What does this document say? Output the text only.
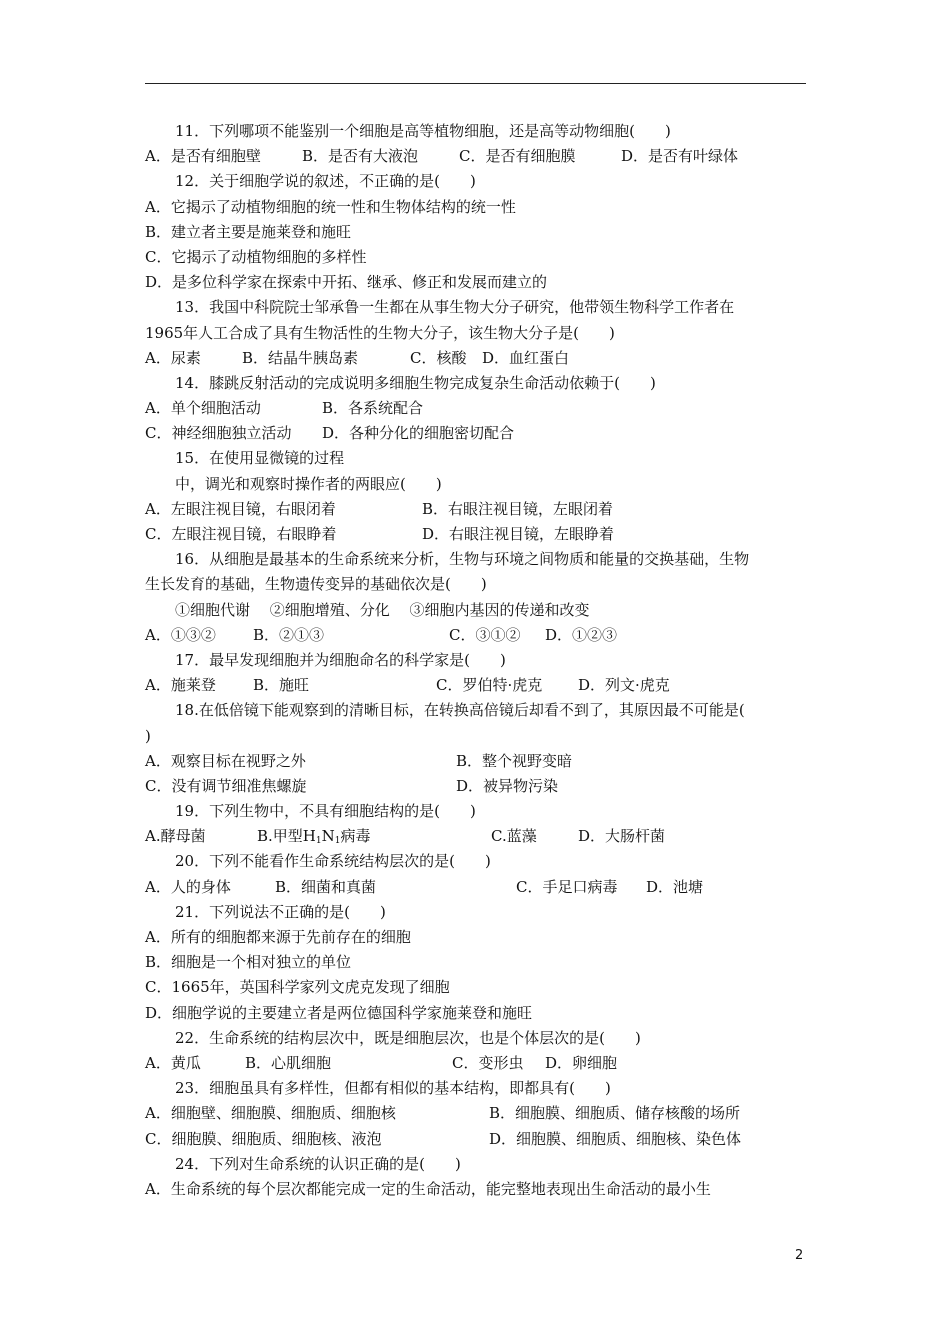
11．下列哪项不能鉴别一个细胞是高等植物细胞，还是高等动物细胞(　　)
A．是否有细胞壁	B．是否有大液泡	C．是否有细胞膜	D．是否有叶绿体
12．关于细胞学说的叙述，不正确的是(　　)
A．它揭示了动植物细胞的统一性和生物体结构的统一性
B．建立者主要是施莱登和施旺
C．它揭示了动植物细胞的多样性
D．是多位科学家在探索中开拓、继承、修正和发展而建立的
13．我国中科院院士邹承鲁一生都在从事生物大分子研究，他带领生物科学工作者在
1965年人工合成了具有生物活性的生物大分子，该生物大分子是(　　)
A．尿素	B．结晶牛胰岛素	C．核酸	D．血红蛋白
14．膝跳反射活动的完成说明多细胞生物完成复杂生命活动依赖于(　　)
A．单个细胞活动	B．各系统配合
C．神经细胞独立活动	D．各种分化的细胞密切配合
15．在使用显微镜的过程
中，调光和观察时操作者的两眼应(　　)
A．左眼注视目镜，右眼闭着	B．右眼注视目镜，左眼闭着
C．左眼注视目镜，右眼睁着	D．右眼注视目镜，左眼睁着
16．从细胞是最基本的生命系统来分析，生物与环境之间物质和能量的交换基础，生物
生长发育的基础，生物遗传变异的基础依次是(　　)
①细胞代谢　 ②细胞增殖、分化　 ③细胞内基因的传递和改变
A．①③②	B．②①③	C．③①②	D．①②③
17．最早发现细胞并为细胞命名的科学家是(　　)
A．施莱登	B．施旺	C．罗伯特·虎克	D．列文·虎克
18.在低倍镜下能观察到的清晰目标，在转换高倍镜后却看不到了，其原因最不可能是(
)
A．观察目标在视野之外	B．整个视野变暗
C．没有调节细准焦螺旋	D．被异物污染
19．下列生物中，不具有细胞结构的是(　　)
A.酵母菌	B.甲型H1N1病毒	C.蓝藻	D．大肠杆菌
20．下列不能看作生命系统结构层次的是(　　)
A．人的身体	B．细菌和真菌	C．手足口病毒	D．池塘
21．下列说法不正确的是(　　)
A．所有的细胞都来源于先前存在的细胞
B．细胞是一个相对独立的单位
C．1665年，英国科学家列文虎克发现了细胞
D．细胞学说的主要建立者是两位德国科学家施莱登和施旺
22．生命系统的结构层次中，既是细胞层次，也是个体层次的是(　　)
A．黄瓜	B．心肌细胞	C．变形虫	D．卵细胞
23．细胞虽具有多样性，但都有相似的基本结构，即都具有(　　)
A．细胞壁、细胞膜、细胞质、细胞核	B．细胞膜、细胞质、储存核酸的场所
C．细胞膜、细胞质、细胞核、液泡	D．细胞膜、细胞质、细胞核、染色体
24．下列对生命系统的认识正确的是(　　)
A．生命系统的每个层次都能完成一定的生命活动，能完整地表现出生命活动的最小生
2
